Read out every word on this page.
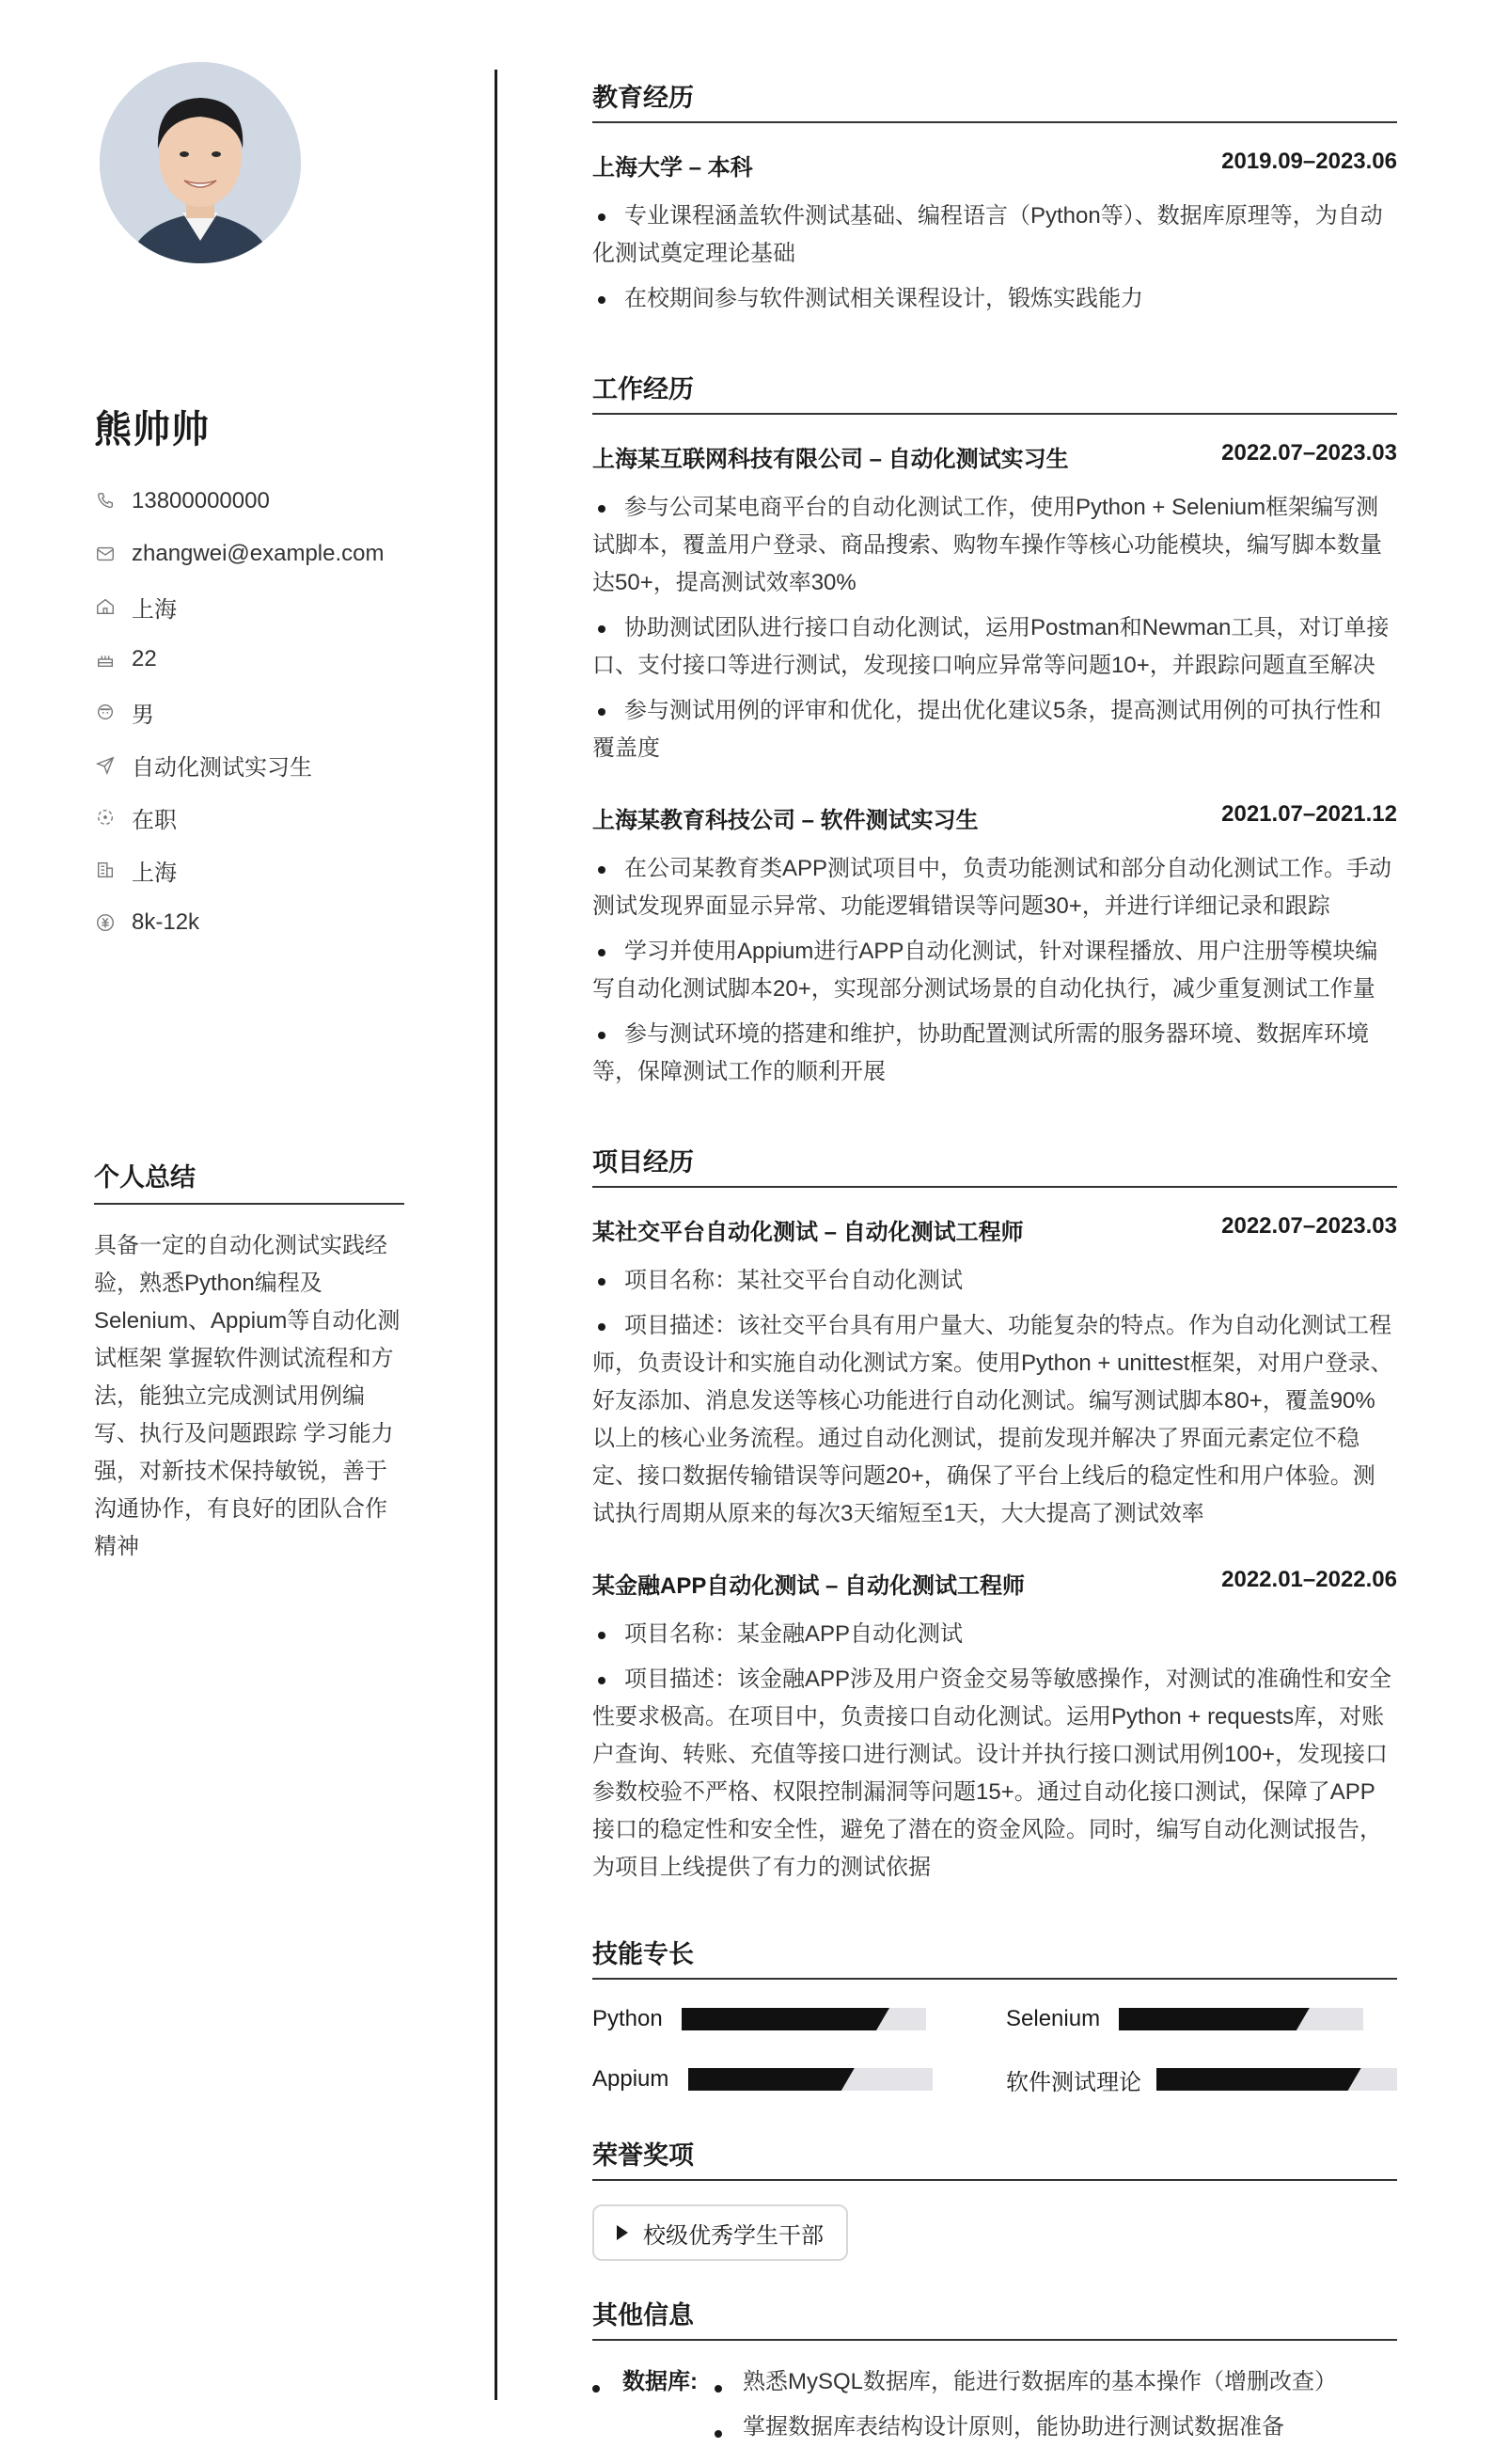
熊帅帅
13800000000
zhangwei@example.com
上海
22
男
自动化测试实习生
在职
上海
8k-12k
个人总结
具备一定的自动化测试实践经验，熟悉Python编程及Selenium、Appium等自动化测试框架 掌握软件测试流程和方法，能独立完成测试用例编写、执行及问题跟踪 学习能力强，对新技术保持敏锐，善于沟通协作，有良好的团队合作精神
教育经历
上海大学 – 本科	2019.09–2023.06
专业课程涵盖软件测试基础、编程语言（Python等）、数据库原理等，为自动化测试奠定理论基础
在校期间参与软件测试相关课程设计，锻炼实践能力
工作经历
上海某互联网科技有限公司 – 自动化测试实习生	2022.07–2023.03
参与公司某电商平台的自动化测试工作，使用Python + Selenium框架编写测试脚本，覆盖用户登录、商品搜索、购物车操作等核心功能模块，编写脚本数量达50+，提高测试效率30%
协助测试团队进行接口自动化测试，运用Postman和Newman工具，对订单接口、支付接口等进行测试，发现接口响应异常等问题10+，并跟踪问题直至解决
参与测试用例的评审和优化，提出优化建议5条，提高测试用例的可执行性和覆盖度
上海某教育科技公司 – 软件测试实习生	2021.07–2021.12
在公司某教育类APP测试项目中，负责功能测试和部分自动化测试工作。手动测试发现界面显示异常、功能逻辑错误等问题30+，并进行详细记录和跟踪
学习并使用Appium进行APP自动化测试，针对课程播放、用户注册等模块编写自动化测试脚本20+，实现部分测试场景的自动化执行，减少重复测试工作量
参与测试环境的搭建和维护，协助配置测试所需的服务器环境、数据库环境等，保障测试工作的顺利开展
项目经历
某社交平台自动化测试 – 自动化测试工程师	2022.07–2023.03
项目名称：某社交平台自动化测试
项目描述：该社交平台具有用户量大、功能复杂的特点。作为自动化测试工程师，负责设计和实施自动化测试方案。使用Python + unittest框架，对用户登录、好友添加、消息发送等核心功能进行自动化测试。编写测试脚本80+，覆盖90%以上的核心业务流程。通过自动化测试，提前发现并解决了界面元素定位不稳定、接口数据传输错误等问题20+，确保了平台上线后的稳定性和用户体验。测试执行周期从原来的每次3天缩短至1天，大大提高了测试效率
某金融APP自动化测试 – 自动化测试工程师	2022.01–2022.06
项目名称：某金融APP自动化测试
项目描述：该金融APP涉及用户资金交易等敏感操作，对测试的准确性和安全性要求极高。在项目中，负责接口自动化测试。运用Python + requests库，对账户查询、转账、充值等接口进行测试。设计并执行接口测试用例100+，发现接口参数校验不严格、权限控制漏洞等问题15+。通过自动化接口测试，保障了APP接口的稳定性和安全性，避免了潜在的资金风险。同时，编写自动化测试报告，为项目上线提供了有力的测试依据
技能专长
Python	Selenium
Appium	软件测试理论
荣誉奖项
校级优秀学生干部
其他信息
数据库: 熟悉MySQL数据库，能进行数据库的基本操作（增删改查）
掌握数据库表结构设计原则，能协助进行测试数据准备
